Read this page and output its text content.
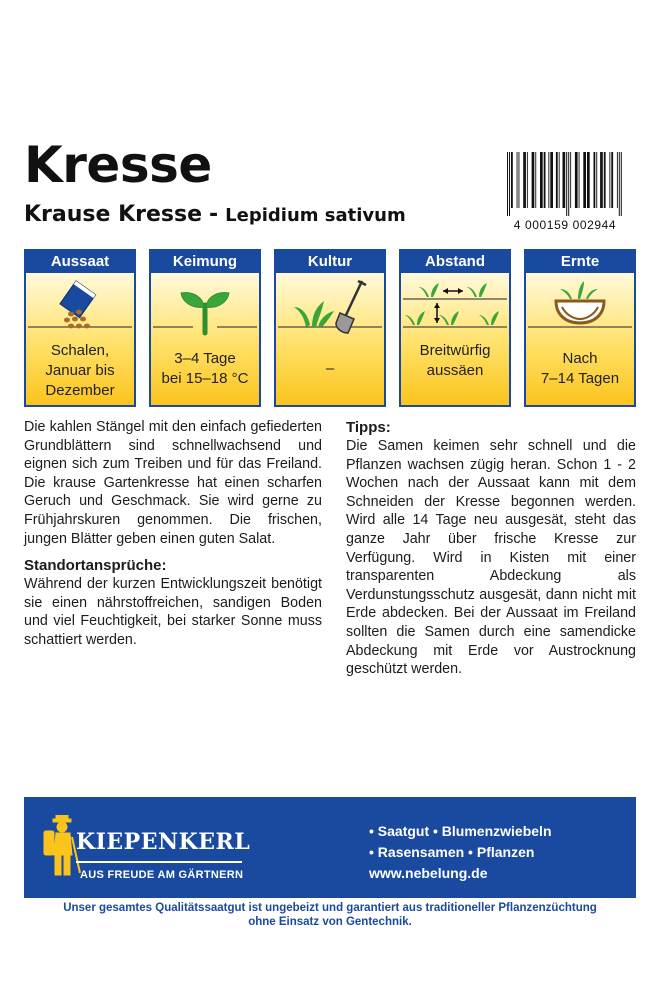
Kresse
Krause Kresse - Lepidium sativum	4 000159 002944
Aussaat
Schalen,
Januar bis
Dezember
Keimung
3–4 Tage
bei 15–18 °C
Kultur
–
Abstand
Breitwürfig
aussäen
Ernte
Nach
7–14 Tagen

Die kahlen Stängel mit den einfach gefiederten Grundblättern sind schnellwachsend und eignen sich zum Treiben und für das Freiland. Die krause Gartenkresse hat einen scharfen Geruch und Geschmack. Sie wird gerne zu Frühjahrskuren genommen. Die frischen, jungen Blätter geben einen guten Salat.

Standortansprüche:

Während der kurzen Entwicklungszeit benötigt sie einen nährstoffreichen, sandigen Boden und viel Feuchtigkeit, bei starker Sonne muss schattiert werden.

Tipps:

Die Samen keimen sehr schnell und die Pflanzen wachsen zügig heran. Schon 1 - 2 Wochen nach der Aussaat kann mit dem Schneiden der Kresse begonnen werden. Wird alle 14 Tage neu ausgesät, steht das ganze Jahr über frische Kresse zur Verfügung. Wird in Kisten mit einer transparenten Abdeckung als Verdunstungsschutz ausgesät, dann nicht mit Erde abdecken. Bei der Aussaat im Freiland sollten die Samen durch eine samendicke Abdeckung mit Erde vor Austrocknung geschützt werden.

KIEPENKERL
AUS FREUDE AM GÄRTNERN
• Saatgut • Blumenzwiebeln
• Rasensamen • Pflanzen
www.nebelung.de
Unser gesamtes Qualitätssaatgut ist ungebeizt und garantiert aus traditioneller Pflanzenzüchtung
ohne Einsatz von Gentechnik.
